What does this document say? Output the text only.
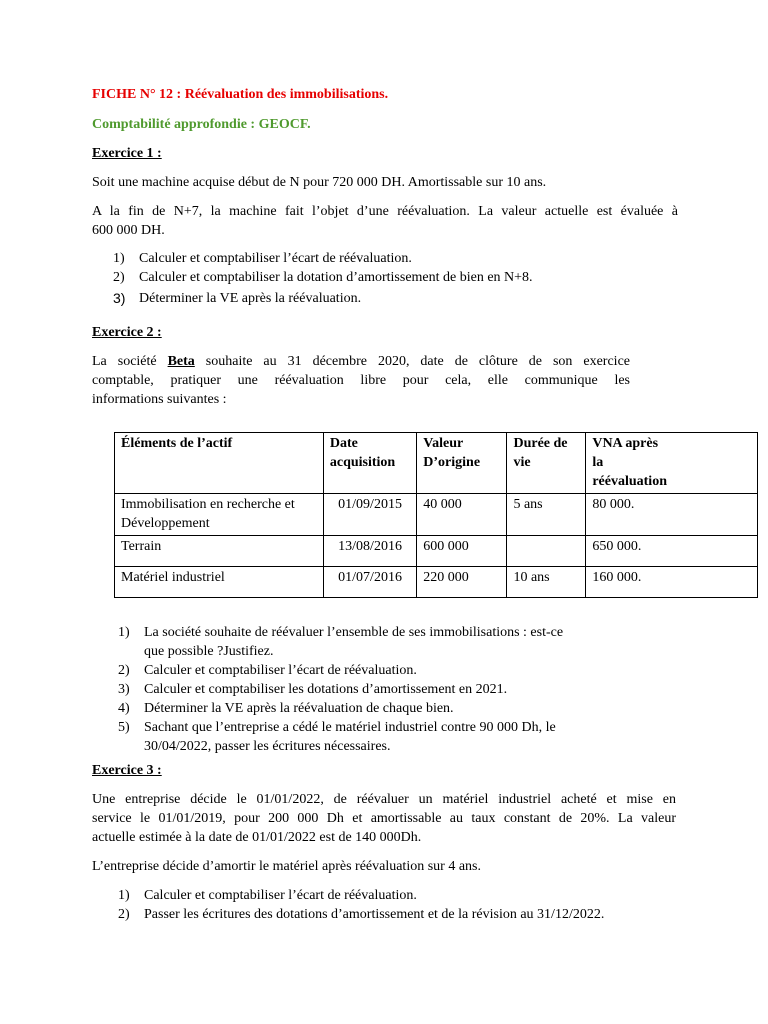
FICHE N° 12 : Réévaluation des immobilisations.
Comptabilité approfondie : GEOCF.
Exercice 1 :
Soit une machine acquise début de N pour 720 000 DH. Amortissable sur 10 ans.
A la fin de N+7, la machine fait l’objet d’une réévaluation. La valeur actuelle est évaluée à
600 000 DH.
1) Calculer et comptabiliser l’écart de réévaluation.
2) Calculer et comptabiliser la dotation d’amortissement de bien en N+8.
3) Déterminer la VE après la réévaluation.
Exercice 2 :
La société Beta souhaite au 31 décembre 2020, date de clôture de son exercice
comptable, pratiquer une réévaluation libre pour cela, elle communique les
informations suivantes :
Éléments de l’actif	Date acquisition	Valeur D’origine	Durée de vie	VNA après la réévaluation
Immobilisation en recherche et Développement	01/09/2015	40 000	5 ans	80 000.
Terrain	13/08/2016	600 000		650 000.
Matériel industriel	01/07/2016	220 000	10 ans	160 000.
1) La société souhaite de réévaluer l’ensemble de ses immobilisations : est-ce
que possible ?Justifiez.
2) Calculer et comptabiliser l’écart de réévaluation.
3) Calculer et comptabiliser les dotations d’amortissement en 2021.
4) Déterminer la VE après la réévaluation de chaque bien.
5) Sachant que l’entreprise a cédé le matériel industriel contre 90 000 Dh, le
30/04/2022, passer les écritures nécessaires.
Exercice 3 :
Une entreprise décide le 01/01/2022, de réévaluer un matériel industriel acheté et mise en
service le 01/01/2019, pour 200 000 Dh et amortissable au taux constant de 20%. La valeur
actuelle estimée à la date de 01/01/2022 est de 140 000Dh.
L’entreprise décide d’amortir le matériel après réévaluation sur 4 ans.
1) Calculer et comptabiliser l’écart de réévaluation.
2) Passer les écritures des dotations d’amortissement et de la révision au 31/12/2022.
